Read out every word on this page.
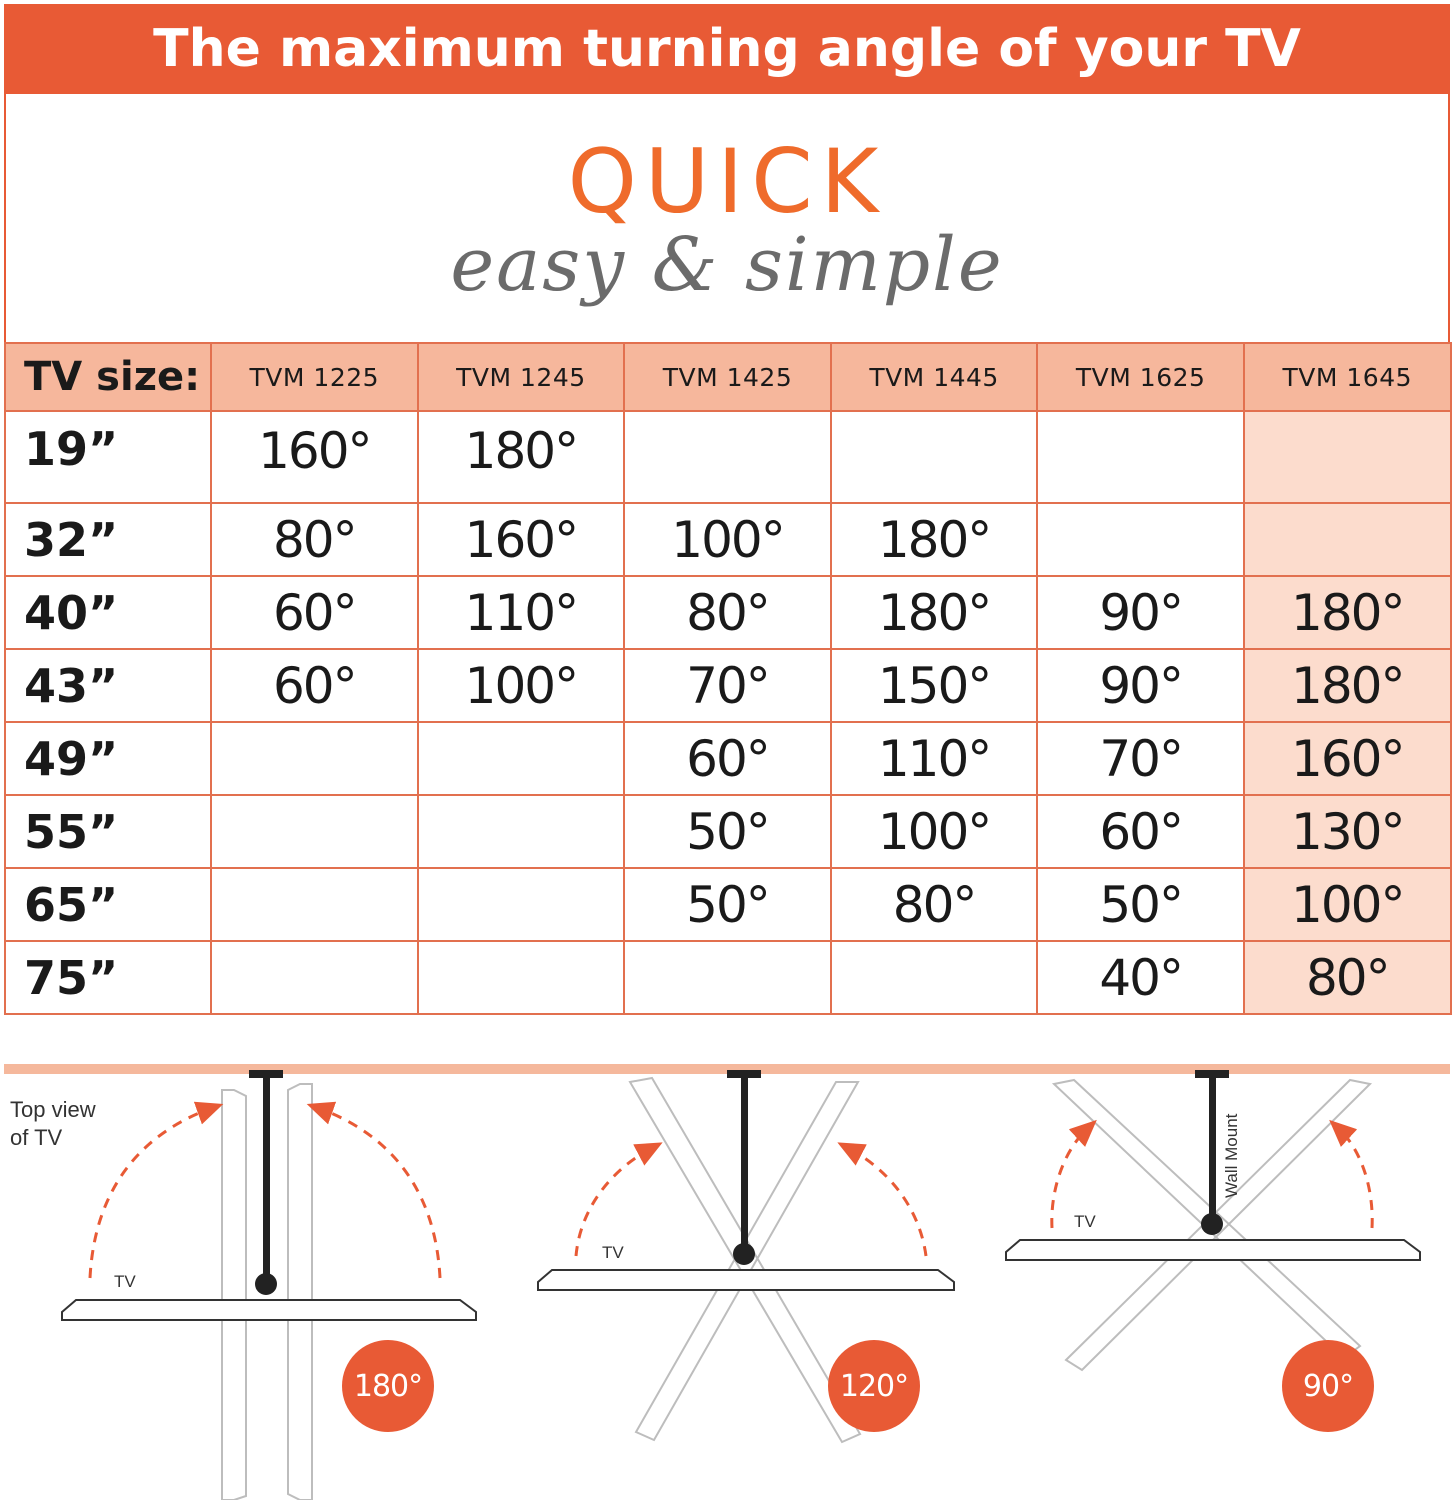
The maximum turning angle of your TV
QUICK
easy & simple
TV size:	TVM 1225	TVM 1245	TVM 1425	TVM 1445	TVM 1625	TVM 1645
19”	160°	180°				
32”	80°	160°	100°	180°		
40”	60°	110°	80°	180°	90°	180°
43”	60°	100°	70°	150°	90°	180°
49”			60°	110°	70°	160°
55”			50°	100°	60°	130°
65”			50°	80°	50°	100°
75”					40°	80°
Top view
of TV
TV
TV
TV
Wall Mount
180°	120°	90°
